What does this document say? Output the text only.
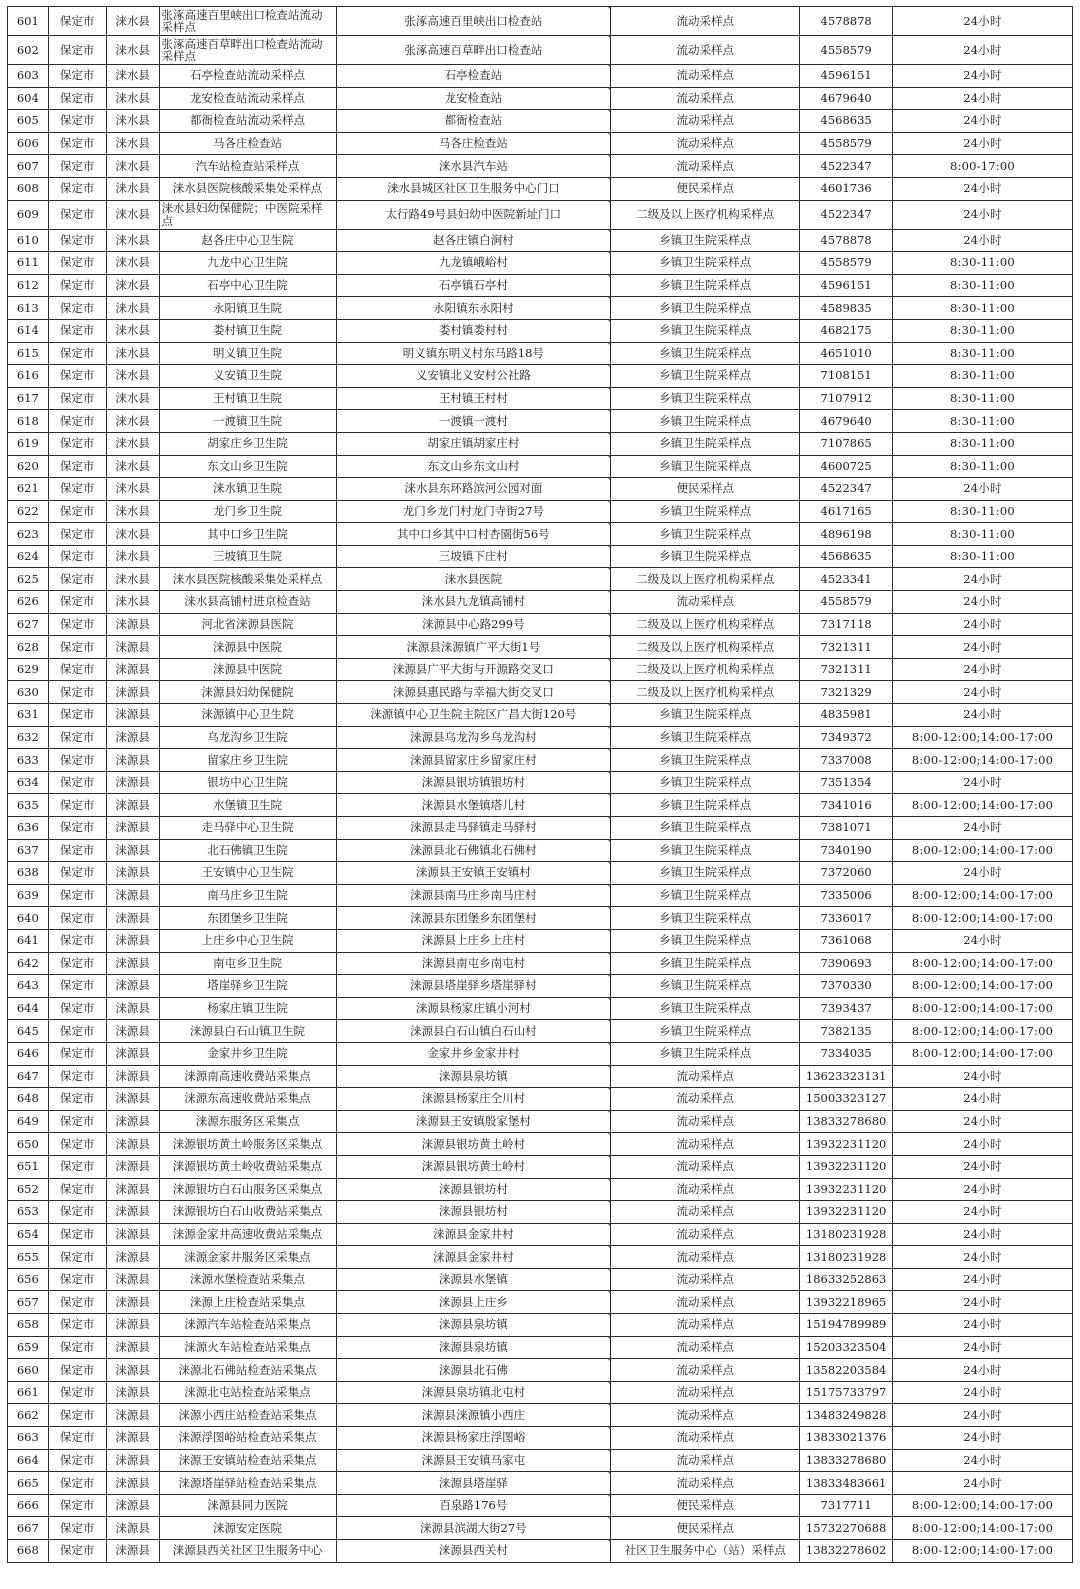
601	保定市	涞水县	张涿高速百里峡出口检查站流动采样点	张涿高速百里峡出口检查站	流动采样点	4578878	24小时
602	保定市	涞水县	张涿高速百草畔出口检查站流动采样点	张涿高速百草畔出口检查站	流动采样点	4558579	24小时
603	保定市	涞水县	石亭检查站流动采样点	石亭检查站	流动采样点	4596151	24小时
604	保定市	涞水县	龙安检查站流动采样点	龙安检查站	流动采样点	4679640	24小时
605	保定市	涞水县	都衙检查站流动采样点	都衙检查站	流动采样点	4568635	24小时
606	保定市	涞水县	马各庄检查站	马各庄检查站	流动采样点	4558579	24小时
607	保定市	涞水县	汽车站检查站采样点	涞水县汽车站	流动采样点	4522347	8:00-17:00
608	保定市	涞水县	涞水县医院核酸采集处采样点	涞水县城区社区卫生服务中心门口	便民采样点	4601736	24小时
609	保定市	涞水县	涞水县妇幼保健院；中医院采样点	太行路49号县妇幼中医院新址门口	二级及以上医疗机构采样点	4522347	24小时
610	保定市	涞水县	赵各庄中心卫生院	赵各庄镇白涧村	乡镇卫生院采样点	4578878	24小时
611	保定市	涞水县	九龙中心卫生院	九龙镇峨峪村	乡镇卫生院采样点	4558579	8:30-11:00
612	保定市	涞水县	石亭中心卫生院	石亭镇石亭村	乡镇卫生院采样点	4596151	8:30-11:00
613	保定市	涞水县	永阳镇卫生院	永阳镇东永阳村	乡镇卫生院采样点	4589835	8:30-11:00
614	保定市	涞水县	娄村镇卫生院	娄村镇娄村村	乡镇卫生院采样点	4682175	8:30-11:00
615	保定市	涞水县	明义镇卫生院	明义镇东明义村东马路18号	乡镇卫生院采样点	4651010	8:30-11:00
616	保定市	涞水县	义安镇卫生院	义安镇北义安村公社路	乡镇卫生院采样点	7108151	8:30-11:00
617	保定市	涞水县	王村镇卫生院	王村镇王村村	乡镇卫生院采样点	7107912	8:30-11:00
618	保定市	涞水县	一渡镇卫生院	一渡镇一渡村	乡镇卫生院采样点	4679640	8:30-11:00
619	保定市	涞水县	胡家庄乡卫生院	胡家庄镇胡家庄村	乡镇卫生院采样点	7107865	8:30-11:00
620	保定市	涞水县	东文山乡卫生院	东文山乡东文山村	乡镇卫生院采样点	4600725	8:30-11:00
621	保定市	涞水县	涞水镇卫生院	涞水县东环路滨河公园对面	便民采样点	4522347	24小时
622	保定市	涞水县	龙门乡卫生院	龙门乡龙门村龙门寺街27号	乡镇卫生院采样点	4617165	8:30-11:00
623	保定市	涞水县	其中口乡卫生院	其中口乡其中口村杏園街56号	乡镇卫生院采样点	4896198	8:30-11:00
624	保定市	涞水县	三坡镇卫生院	三坡镇下庄村	乡镇卫生院采样点	4568635	8:30-11:00
625	保定市	涞水县	涞水县医院核酸采集处采样点	涞水县医院	二级及以上医疗机构采样点	4523341	24小时
626	保定市	涞水县	涞水县高铺村进京检查站	涞水县九龙镇高铺村	流动采样点	4558579	24小时
627	保定市	涞源县	河北省涞源县医院	涞源县中心路299号	二级及以上医疗机构采样点	7317118	24小时
628	保定市	涞源县	涞源县中医院	涞源县涞源镇广平大街1号	二级及以上医疗机构采样点	7321311	24小时
629	保定市	涞源县	涞源县中医院	涞源县广平大街与开源路交叉口	二级及以上医疗机构采样点	7321311	24小时
630	保定市	涞源县	涞源县妇幼保健院	涞源县惠民路与幸福大街交叉口	二级及以上医疗机构采样点	7321329	24小时
631	保定市	涞源县	涞源镇中心卫生院	涞源镇中心卫生院主院区广昌大街120号	乡镇卫生院采样点	4835981	24小时
632	保定市	涞源县	乌龙沟乡卫生院	涞源县乌龙沟乡乌龙沟村	乡镇卫生院采样点	7349372	8:00-12:00;14:00-17:00
633	保定市	涞源县	留家庄乡卫生院	涞源县留家庄乡留家庄村	乡镇卫生院采样点	7337008	8:00-12:00;14:00-17:00
634	保定市	涞源县	银坊中心卫生院	涞源县银坊镇银坊村	乡镇卫生院采样点	7351354	24小时
635	保定市	涞源县	水堡镇卫生院	涞源县水堡镇塔儿村	乡镇卫生院采样点	7341016	8:00-12:00;14:00-17:00
636	保定市	涞源县	走马驿中心卫生院	涞源县走马驿镇走马驿村	乡镇卫生院采样点	7381071	24小时
637	保定市	涞源县	北石佛镇卫生院	涞源县北石佛镇北石佛村	乡镇卫生院采样点	7340190	8:00-12:00;14:00-17:00
638	保定市	涞源县	王安镇中心卫生院	涞源县王安镇王安镇村	乡镇卫生院采样点	7372060	24小时
639	保定市	涞源县	南马庄乡卫生院	涞源县南马庄乡南马庄村	乡镇卫生院采样点	7335006	8:00-12:00;14:00-17:00
640	保定市	涞源县	东团堡乡卫生院	涞源县东团堡乡东团堡村	乡镇卫生院采样点	7336017	8:00-12:00;14:00-17:00
641	保定市	涞源县	上庄乡中心卫生院	涞源县上庄乡上庄村	乡镇卫生院采样点	7361068	24小时
642	保定市	涞源县	南屯乡卫生院	涞源县南屯乡南屯村	乡镇卫生院采样点	7390693	8:00-12:00;14:00-17:00
643	保定市	涞源县	塔崖驿乡卫生院	涞源县塔崖驿乡塔崖驿村	乡镇卫生院采样点	7370330	8:00-12:00;14:00-17:00
644	保定市	涞源县	杨家庄镇卫生院	涞源县杨家庄镇小河村	乡镇卫生院采样点	7393437	8:00-12:00;14:00-17:00
645	保定市	涞源县	涞源县白石山镇卫生院	涞源县白石山镇白石山村	乡镇卫生院采样点	7382135	8:00-12:00;14:00-17:00
646	保定市	涞源县	金家井乡卫生院	金家井乡金家井村	乡镇卫生院采样点	7334035	8:00-12:00;14:00-17:00
647	保定市	涞源县	涞源南高速收费站采集点	涞源县泉坊镇	流动采样点	13623323131	24小时
648	保定市	涞源县	涞源东高速收费站采集点	涞源县杨家庄仝川村	流动采样点	15003323127	24小时
649	保定市	涞源县	涞源东服务区采集点	涞源县王安镇殷家堡村	流动采样点	13833278680	24小时
650	保定市	涞源县	涞源银坊黄土岭服务区采集点	涞源县银坊黄土岭村	流动采样点	13932231120	24小时
651	保定市	涞源县	涞源银坊黄土岭收费站采集点	涞源县银坊黄土岭村	流动采样点	13932231120	24小时
652	保定市	涞源县	涞源银坊白石山服务区采集点	涞源县银坊村	流动采样点	13932231120	24小时
653	保定市	涞源县	涞源银坊白石山收费站采集点	涞源县银坊村	流动采样点	13932231120	24小时
654	保定市	涞源县	涞源金家井高速收费站采集点	涞源县金家井村	流动采样点	13180231928	24小时
655	保定市	涞源县	涞源金家井服务区采集点	涞源县金家井村	流动采样点	13180231928	24小时
656	保定市	涞源县	涞源水堡检查站采集点	涞源县水堡镇	流动采样点	18633252863	24小时
657	保定市	涞源县	涞源上庄检查站采集点	涞源县上庄乡	流动采样点	13932218965	24小时
658	保定市	涞源县	涞源汽车站检查站采集点	涞源县泉坊镇	流动采样点	15194789989	24小时
659	保定市	涞源县	涞源火车站检查站采集点	涞源县泉坊镇	流动采样点	15203323504	24小时
660	保定市	涞源县	涞源北石佛站检查站采集点	涞源县北石佛	流动采样点	13582203584	24小时
661	保定市	涞源县	涞源北屯站检查站采集点	涞源县泉坊镇北屯村	流动采样点	15175733797	24小时
662	保定市	涞源县	涞源小西庄站检查站采集点	涞源县涞源镇小西庄	流动采样点	13483249828	24小时
663	保定市	涞源县	涞源浮图峪站检查站采集点	涞源县杨家庄浮图峪	流动采样点	13833021376	24小时
664	保定市	涞源县	涞源王安镇站检查站采集点	涞源县王安镇马家屯	流动采样点	13833278680	24小时
665	保定市	涞源县	涞源塔崖驿站检查站采集点	涞源县塔崖驿	流动采样点	13833483661	24小时
666	保定市	涞源县	涞源县同力医院	百泉路176号	便民采样点	7317711	8:00-12:00;14:00-17:00
667	保定市	涞源县	涞源安定医院	涞源县滨湖大街27号	便民采样点	15732270688	8:00-12:00;14:00-17:00
668	保定市	涞源县	涞源县西关社区卫生服务中心	涞源县西关村	社区卫生服务中心（站）采样点	13832278602	8:00-12:00;14:00-17:00
